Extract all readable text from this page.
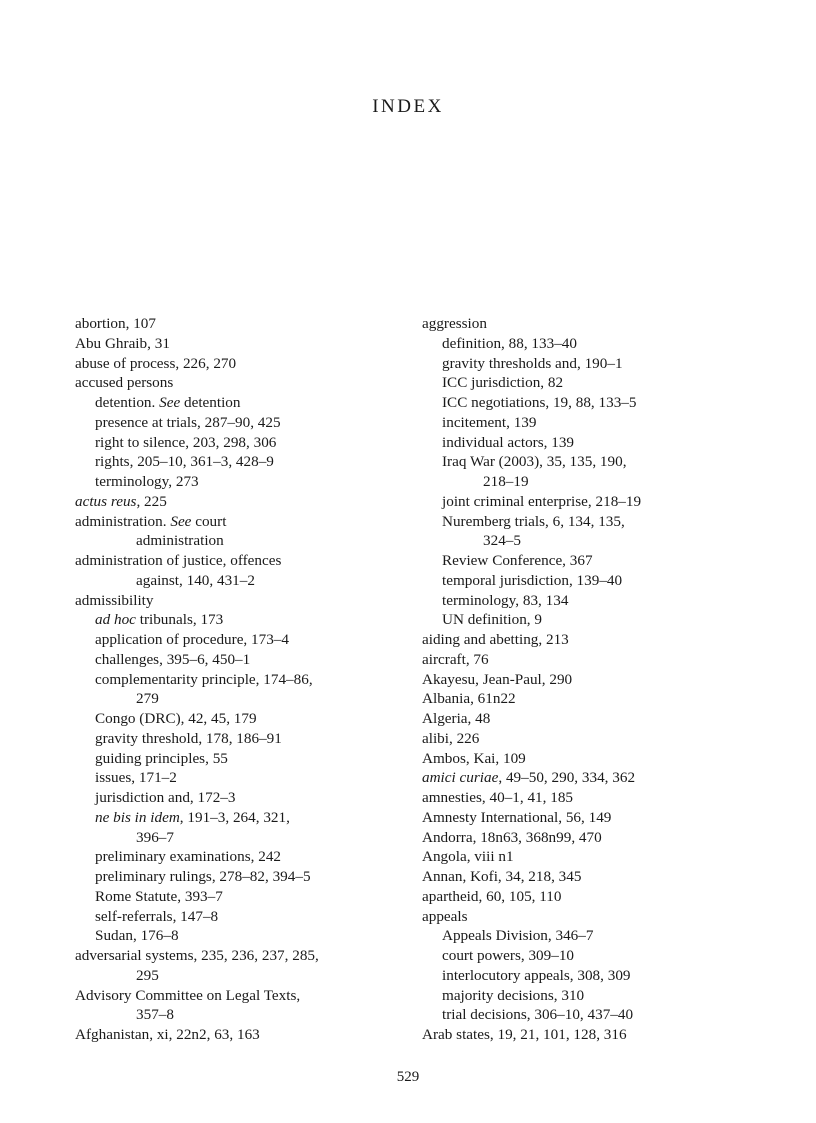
INDEX
abortion, 107
Abu Ghraib, 31
abuse of process, 226, 270
accused persons
detention. See detention
presence at trials, 287–90, 425
right to silence, 203, 298, 306
rights, 205–10, 361–3, 428–9
terminology, 273
actus reus, 225
administration. See court
administration
administration of justice, offences
against, 140, 431–2
admissibility
ad hoc tribunals, 173
application of procedure, 173–4
challenges, 395–6, 450–1
complementarity principle, 174–86,
279
Congo (DRC), 42, 45, 179
gravity threshold, 178, 186–91
guiding principles, 55
issues, 171–2
jurisdiction and, 172–3
ne bis in idem, 191–3, 264, 321,
396–7
preliminary examinations, 242
preliminary rulings, 278–82, 394–5
Rome Statute, 393–7
self-referrals, 147–8
Sudan, 176–8
adversarial systems, 235, 236, 237, 285,
295
Advisory Committee on Legal Texts,
357–8
Afghanistan, xi, 22n2, 63, 163
aggression
definition, 88, 133–40
gravity thresholds and, 190–1
ICC jurisdiction, 82
ICC negotiations, 19, 88, 133–5
incitement, 139
individual actors, 139
Iraq War (2003), 35, 135, 190,
218–19
joint criminal enterprise, 218–19
Nuremberg trials, 6, 134, 135,
324–5
Review Conference, 367
temporal jurisdiction, 139–40
terminology, 83, 134
UN definition, 9
aiding and abetting, 213
aircraft, 76
Akayesu, Jean-Paul, 290
Albania, 61n22
Algeria, 48
alibi, 226
Ambos, Kai, 109
amici curiae, 49–50, 290, 334, 362
amnesties, 40–1, 41, 185
Amnesty International, 56, 149
Andorra, 18n63, 368n99, 470
Angola, viii n1
Annan, Kofi, 34, 218, 345
apartheid, 60, 105, 110
appeals
Appeals Division, 346–7
court powers, 309–10
interlocutory appeals, 308, 309
majority decisions, 310
trial decisions, 306–10, 437–40
Arab states, 19, 21, 101, 128, 316
529
